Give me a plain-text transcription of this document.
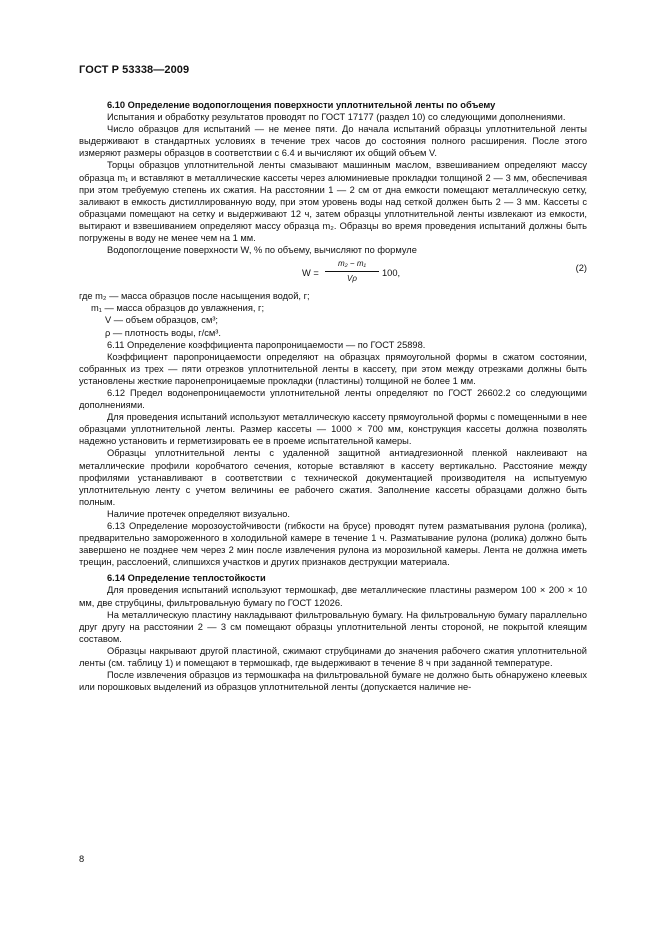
ГОСТ Р 53338—2009

6.10 Определение водопоглощения поверхности уплотнительной ленты по объему

Испытания и обработку результатов проводят по ГОСТ 17177 (раздел 10) со следующими дополнениями.

Число образцов для испытаний — не менее пяти. До начала испытаний образцы уплотнительной ленты выдерживают в стандартных условиях в течение трех часов до состояния полного расширения. После этого измеряют размеры образцов в соответствии с 6.4 и вычисляют их общий объем V.

Торцы образцов уплотнительной ленты смазывают машинным маслом, взвешиванием определяют массу образца m₁ и вставляют в металлические кассеты через алюминиевые прокладки толщиной 2 — 3 мм, обеспечивая при этом требуемую степень их сжатия. На расстоянии 1 — 2 см от дна емкости помещают металлическую сетку, заливают в емкость дистиллированную воду, при этом уровень воды над сеткой должен быть 2 — 3 мм. Кассеты с образцами помещают на сетку и выдерживают 12 ч, затем образцы уплотнительной ленты извлекают из емкости, вытирают и взвешиванием определяют массу образца m₂. Образцы во время проведения испытаний должны быть погружены в воду не менее чем на 1 мм.

Водопоглощение поверхности W, % по объему, вычисляют по формуле

$W = \frac{\text{m₂ − m₁}}{V\rho} 100$,	(2)
где m₂ — масса образцов после насыщения водой, г;
m₁ — масса образцов до увлажнения, г;
V — объем образцов, см³;
ρ — плотность воды, г/см³.

6.11 Определение коэффициента паропроницаемости — по ГОСТ 25898.

Коэффициент паропроницаемости определяют на образцах прямоугольной формы в сжатом состоянии, собранных из трех — пяти отрезков уплотнительной ленты в кассету, при этом между отрезками должны быть установлены жесткие паронепроницаемые прокладки (пластины) толщиной не более 1 мм.

6.12 Предел водонепроницаемости уплотнительной ленты определяют по ГОСТ 26602.2 со следующими дополнениями.

Для проведения испытаний используют металлическую кассету прямоугольной формы с помещенными в нее образцами уплотнительной ленты. Размер кассеты — 1000 × 700 мм, конструкция кассеты должна позволять надежно установить и герметизировать ее в проеме испытательной камеры.

Образцы уплотнительной ленты с удаленной защитной антиадгезионной пленкой наклеивают на металлические профили коробчатого сечения, которые вставляют в кассету вертикально. Расстояние между профилями устанавливают в соответствии с технической документацией производителя на испытуемую уплотнительную ленту с учетом величины ее рабочего сжатия. Заполнение кассеты образцами должно быть полным.

Наличие протечек определяют визуально.

6.13 Определение морозоустойчивости (гибкости на брусе) проводят путем разматывания рулона (ролика), предварительно замороженного в холодильной камере в течение 1 ч. Разматывание рулона (ролика) должно быть завершено не позднее чем через 2 мин после извлечения рулона из морозильной камеры. Лента не должна иметь трещин, расслоений, слипшихся участков и других признаков деструкции материала.

6.14 Определение теплостойкости

Для проведения испытаний используют термошкаф, две металлические пластины размером 100 × 200 × 10 мм, две струбцины, фильтровальную бумагу по ГОСТ 12026.

На металлическую пластину накладывают фильтровальную бумагу. На фильтровальную бумагу параллельно друг другу на расстоянии 2 — 3 см помещают образцы уплотнительной ленты стороной, не покрытой клеящим составом.

Образцы накрывают другой пластиной, сжимают струбцинами до значения рабочего сжатия уплотнительной ленты (см. таблицу 1) и помещают в термошкаф, где выдерживают в течение 8 ч при заданной температуре.

После извлечения образцов из термошкафа на фильтровальной бумаге не должно быть обнаружено клеевых или порошковых выделений из образцов уплотнительной ленты (допускается наличие не-

8
